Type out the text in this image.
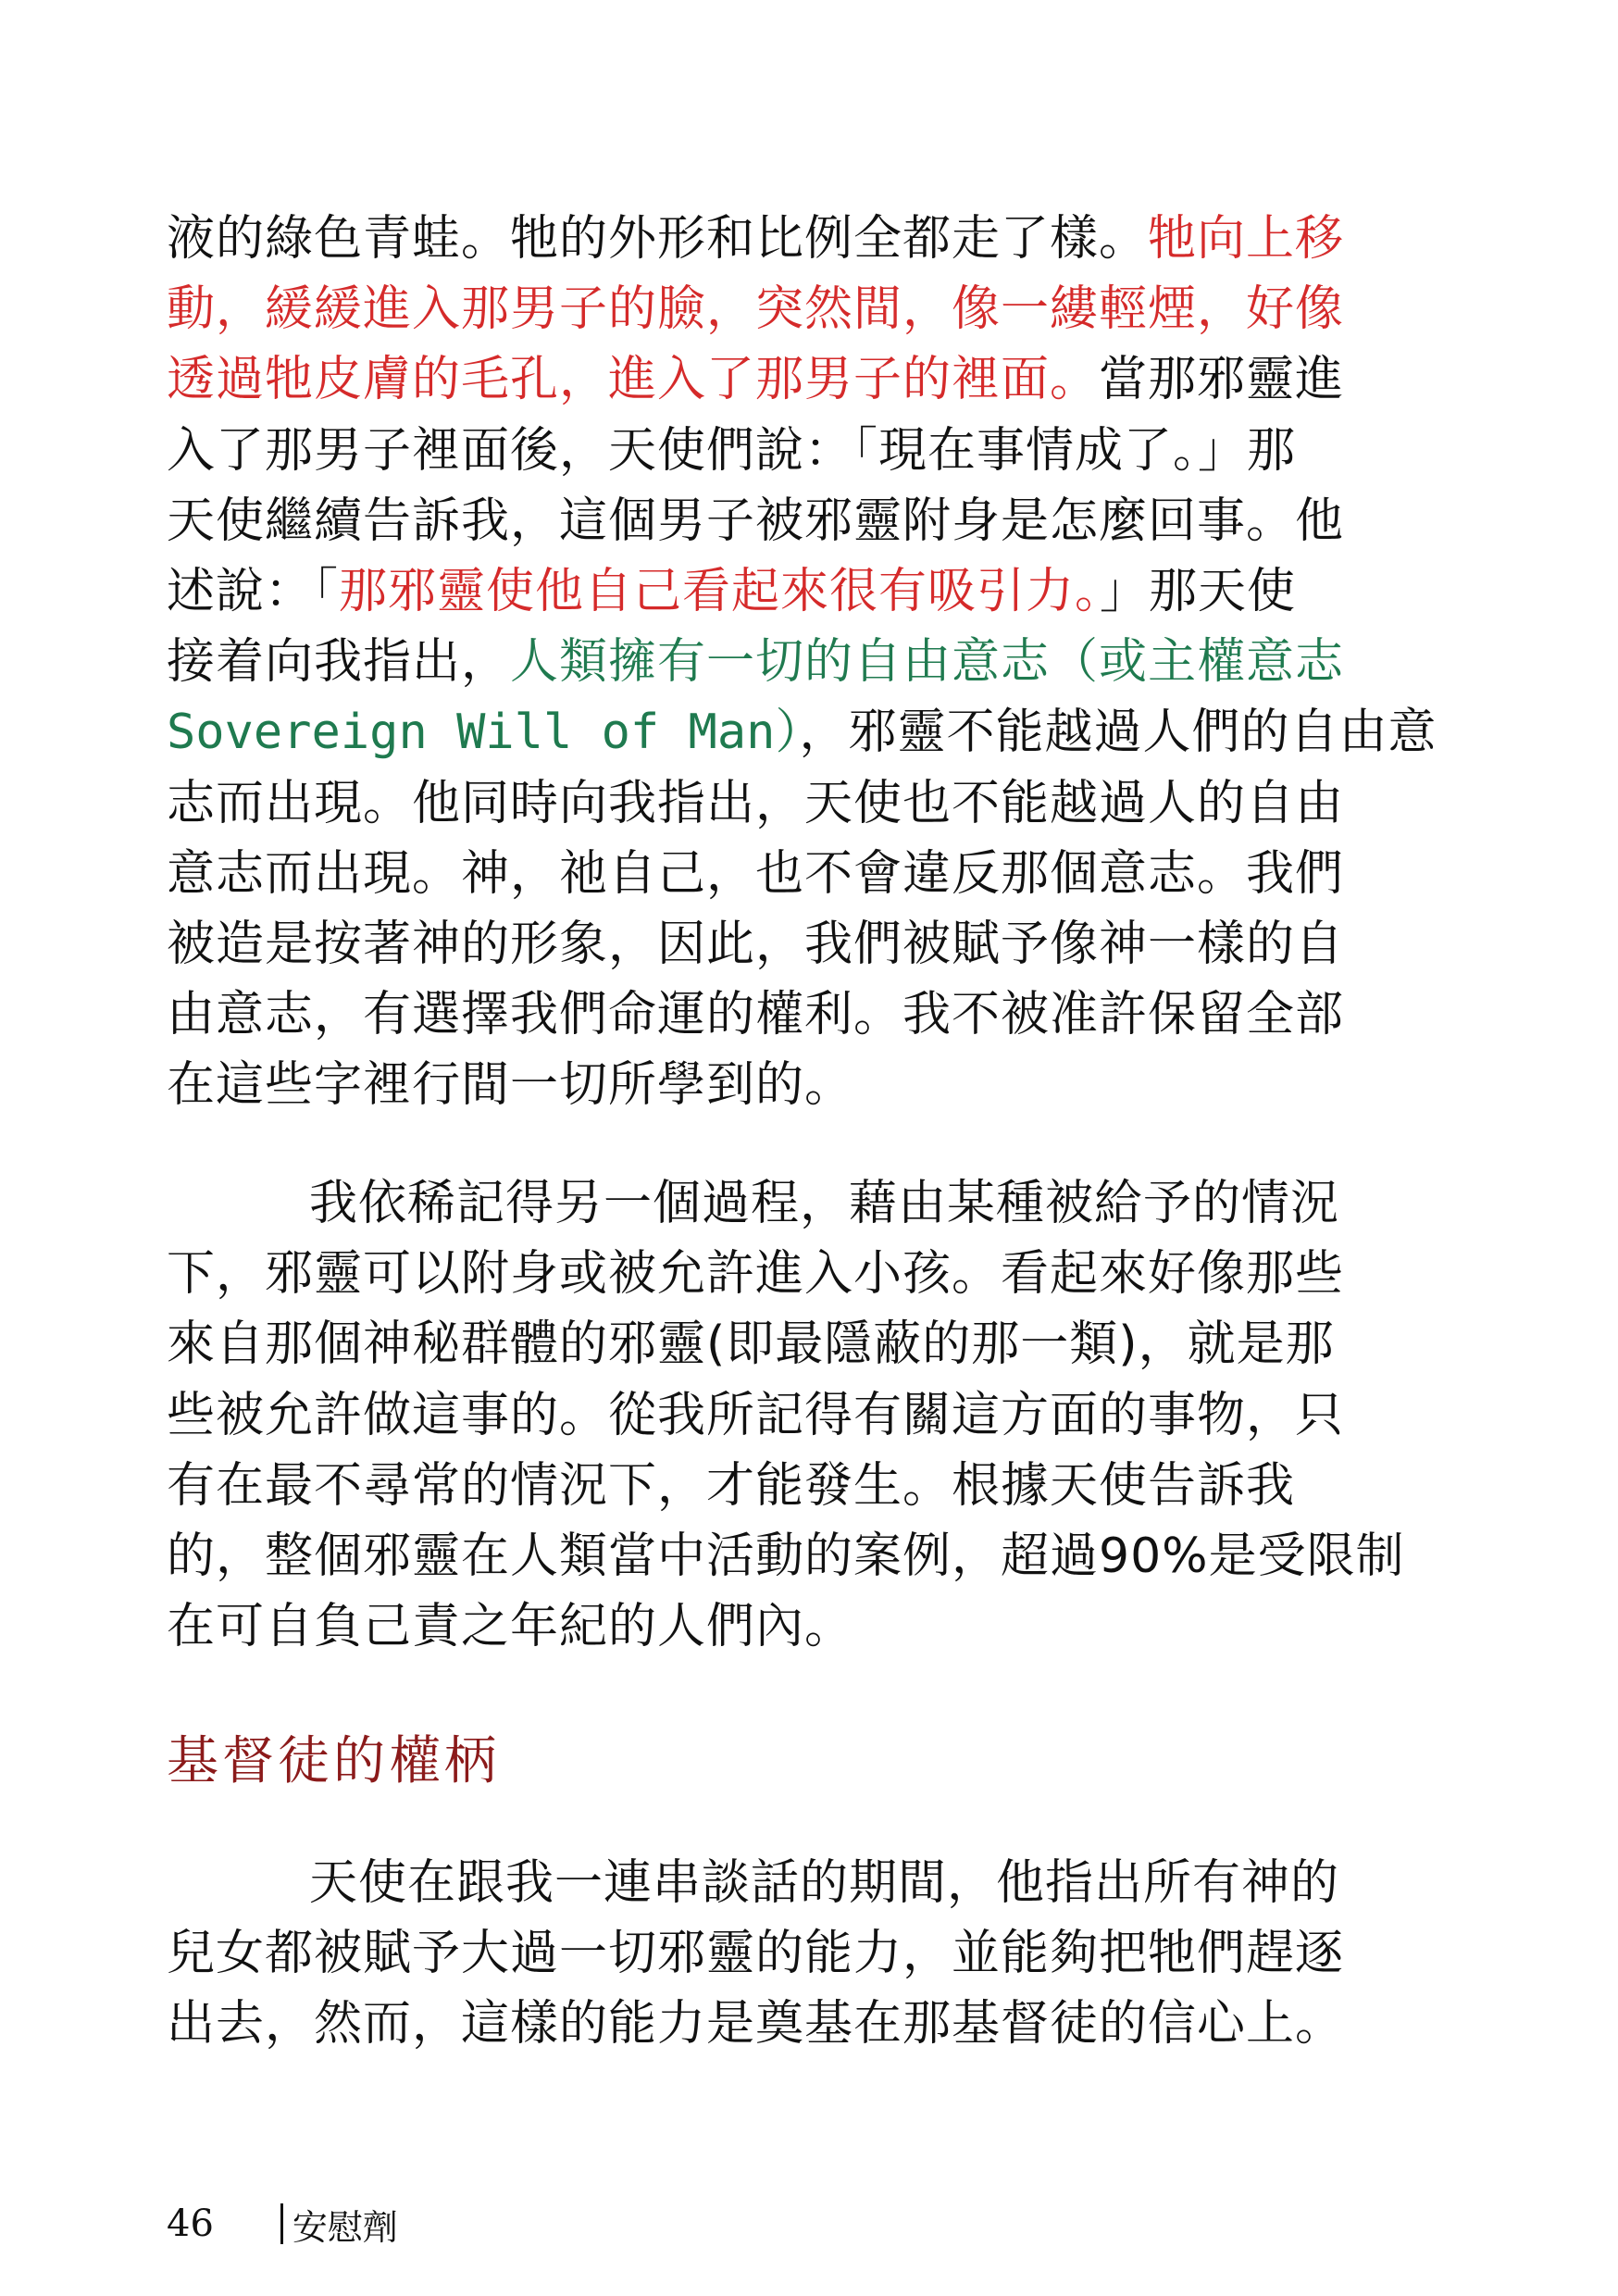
液的綠色青蛙。牠的外形和比例全都走了樣。牠向上移
動，緩緩進入那男子的臉，突然間，像一縷輕煙，好像
透過牠皮膚的毛孔，進入了那男子的裡面。當那邪靈進
入了那男子裡面後，天使們說：「現在事情成了。」那
天使繼續告訴我，這個男子被邪靈附身是怎麼回事。他
述說：「那邪靈使他自己看起來很有吸引力。」那天使
接着向我指出，人類擁有一切的自由意志（或主權意志
Sovereign Will of Man），邪靈不能越過人們的自由意
志而出現。他同時向我指出，天使也不能越過人的自由
意志而出現。神，祂自己，也不會違反那個意志。我們
被造是按著神的形象，因此，我們被賦予像神一樣的自
由意志，有選擇我們命運的權利。我不被准許保留全部
在這些字裡行間一切所學到的。
我依稀記得另一個過程，藉由某種被給予的情況
下，邪靈可以附身或被允許進入小孩。看起來好像那些
來自那個神秘群體的邪靈(即最隱蔽的那一類)，就是那
些被允許做這事的。從我所記得有關這方面的事物，只
有在最不尋常的情況下，才能發生。根據天使告訴我
的，整個邪靈在人類當中活動的案例，超過90%是受限制
在可自負己責之年紀的人們內。
基督徒的權柄
天使在跟我一連串談話的期間，他指出所有神的
兒女都被賦予大過一切邪靈的能力，並能夠把牠們趕逐
出去，然而，這樣的能力是奠基在那基督徒的信心上。
46 安慰劑
